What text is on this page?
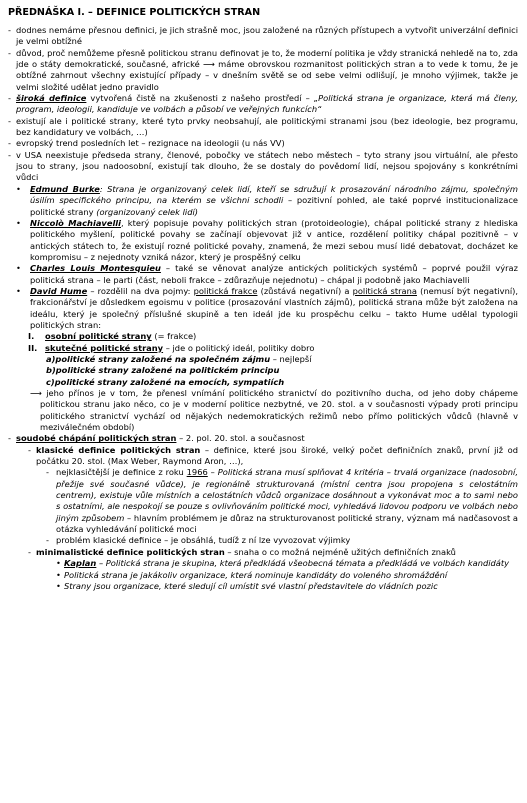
PŘEDNÁŠKA I. – DEFINICE POLITICKÝCH STRAN
- dodnes nemáme přesnou definici, je jich strašně moc, jsou založené na různých přístupech a vytvořit univerzální definici je velmi obtížné
- důvod, proč nemůžeme přesně politickou stranu definovat je to, že moderní politika je vždy stranická nehledě na to, zda jde o státy demokratické, současné, africké ⟶ máme obrovskou rozmanitost politických stran a to vede k tomu, že je obtížné zahrnout všechny existující případy – v dnešním světě se od sebe velmi odlišují, je mnoho výjimek, takže je velmi složité udělat jedno pravidlo
- široká definice vytvořená čistě na zkušenosti z našeho prostředí – „Politická strana je organizace, která má členy, program, ideologii, kandiduje ve volbách a působí ve veřejných funkcích“
- existují ale i politické strany, které tyto prvky neobsahují, ale politickými stranami jsou (bez ideologie, bez programu, bez kandidatury ve volbách, …)
- evropský trend posledních let – rezignace na ideologii (u nás VV)
- v USA neexistuje předseda strany, členové, pobočky ve státech nebo městech – tyto strany jsou virtuální, ale přesto jsou to strany, jsou nadoosobní, existují tak dlouho, že se dostaly do povědomí lidí, nejsou spojovány s konkrétními vůdci
• Edmund Burke: Strana je organizovaný celek lidí, kteří se sdružují k prosazování národního zájmu, společným úsilím specifického principu, na kterém se všichni schodli – pozitivní pohled, ale také poprvé institucionalizace politické strany (organizovaný celek lidí)
• Niccolò Machiavelli, který popisuje povahy politických stran (protoideologie), chápal politické strany z hlediska politického myšlení, politické povahy se začínají objevovat již v antice, rozdělení politiky chápal pozitivně – v antických státech to, že existují rozné politické povahy, znamená, že mezi sebou musí lidé debatovat, docházet ke kompromisu – z nejednoty vzniká názor, který je prospěšný celku
• Charles Louis Montesquieu – také se věnovat analýze antických politických systémů – poprvé použil výraz politická strana – le parti (část, neboli frakce – zdůrazňuje nejednotu) – chápal ji podobně jako Machiavelli
• David Hume – rozdělil na dva pojmy: politická frakce (zůstává negativní) a politická strana (nemusí být negativní), frakcionářství je důsledkem egoismu v politice (prosazování vlastních zájmů), politická strana může být založena na ideálu, který je společný příslušné skupině a ten ideál jde ku prospěchu celku – takto Hume udělal typologii politických stran:
I. osobní politické strany (= frakce)
II. skutečné politické strany – jde o politický ideál, politiky dobro
a)politické strany založené na společném zájmu – nejlepší
b)politické strany založené na politickém principu
c)politické strany založené na emocích, sympatiích
⟶ jeho přínos je v tom, že přenesl vnímání politického stranictví do pozitivního ducha, od jeho doby chápeme politickou stranu jako něco, co je v moderní politice nezbytné, ve 20. stol. a v současnosti výpady proti principu politického stranictví vychází od nějakých nedemokratických režimů nebo přímo politických vůdců (hlavně v meziválečném období)
- soudobé chápání politických stran – 2. pol. 20. stol. a současnost
- klasické definice politických stran – definice, které jsou široké, velký počet definičních znaků, první již od počátku 20. stol. (Max Weber, Raymond Aron, …),
- nejklasičtější je definice z roku 1966 – Politická strana musí splňovat 4 kritéria – trvalá organizace (nadosobní, přežije své současné vůdce), je regionálně strukturovaná (místní centra jsou propojena s celostátním centrem), existuje vůle místních a celostátních vůdců organizace dosáhnout a vykonávat moc a to sami nebo s ostatními, ale nespokojí se pouze s ovlivňováním politické moci, vyhledává lidovou podporu ve volbách nebo jiným způsobem – hlavním problémem je důraz na strukturovanost politické strany, význam má nadčasovost a otázka vyhledávání politické moci
- problém klasické definice – je obsáhlá, tudíž z ní lze vyvozovat výjimky
- minimalistické definice politických stran – snaha o co možná nejméně užitých definičních znaků
• Kaplan – Politická strana je skupina, která předkládá všeobecná témata a předkládá ve volbách kandidáty
• Politická strana je jakákoliv organizace, která nominuje kandidáty do voleného shromáždění
• Strany jsou organizace, které sledují cíl umístit své vlastní představitele do vládních pozic
